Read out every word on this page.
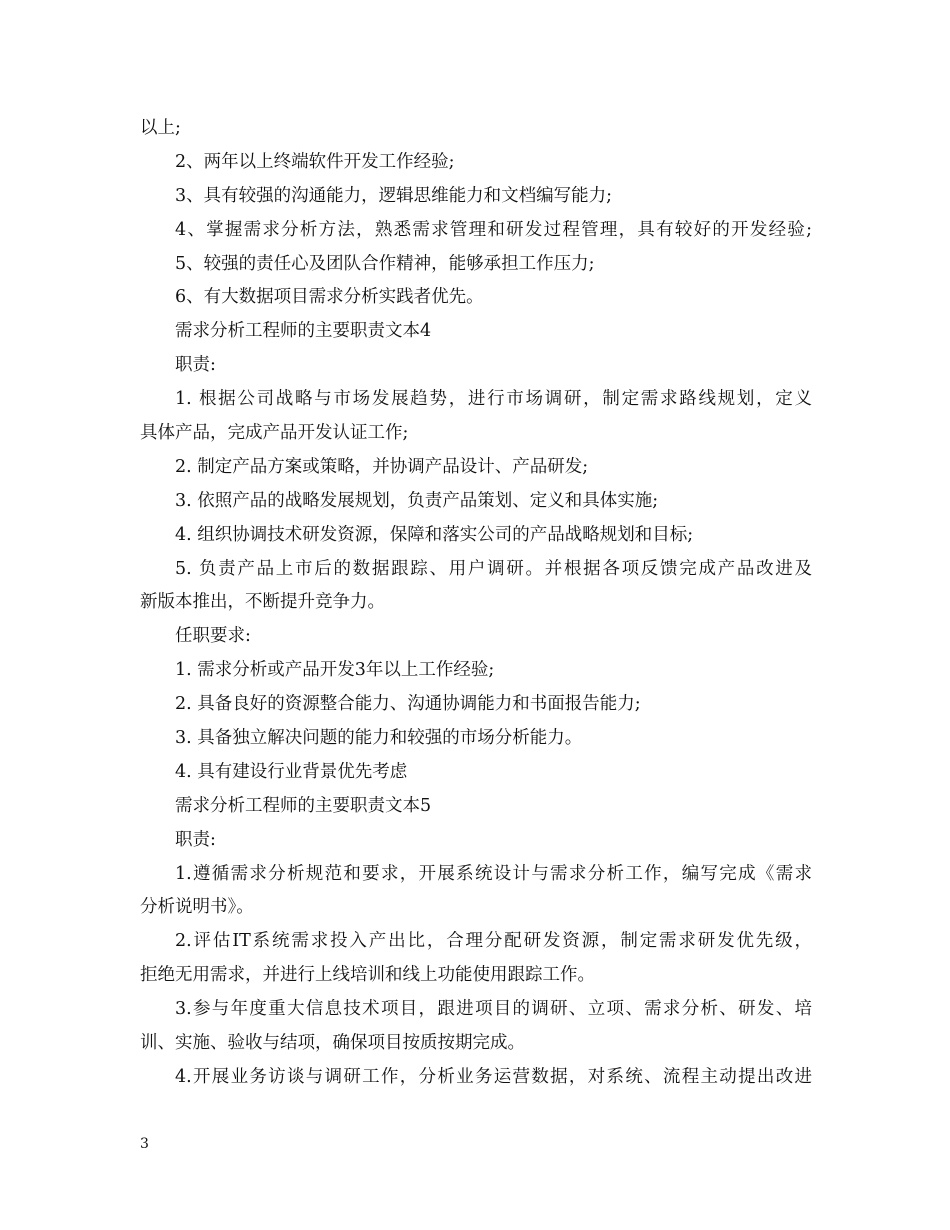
以上;
2、两年以上终端软件开发工作经验;
3、具有较强的沟通能力，逻辑思维能力和文档编写能力;
4、掌握需求分析方法，熟悉需求管理和研发过程管理，具有较好的开发经验;
5、较强的责任心及团队合作精神，能够承担工作压力;
6、有大数据项目需求分析实践者优先。
需求分析工程师的主要职责文本4
职责:
1. 根据公司战略与市场发展趋势，进行市场调研，制定需求路线规划，定义
具体产品，完成产品开发认证工作;
2. 制定产品方案或策略，并协调产品设计、产品研发;
3. 依照产品的战略发展规划，负责产品策划、定义和具体实施;
4. 组织协调技术研发资源，保障和落实公司的产品战略规划和目标;
5. 负责产品上市后的数据跟踪、用户调研。并根据各项反馈完成产品改进及
新版本推出，不断提升竞争力。
任职要求:
1. 需求分析或产品开发3年以上工作经验;
2. 具备良好的资源整合能力、沟通协调能力和书面报告能力;
3. 具备独立解决问题的能力和较强的市场分析能力。
4. 具有建设行业背景优先考虑
需求分析工程师的主要职责文本5
职责:
1.遵循需求分析规范和要求，开展系统设计与需求分析工作，编写完成《需求
分析说明书》。
2.评估IT系统需求投入产出比，合理分配研发资源，制定需求研发优先级，
拒绝无用需求，并进行上线培训和线上功能使用跟踪工作。
3.参与年度重大信息技术项目，跟进项目的调研、立项、需求分析、研发、培
训、实施、验收与结项，确保项目按质按期完成。
4.开展业务访谈与调研工作，分析业务运营数据，对系统、流程主动提出改进
3
